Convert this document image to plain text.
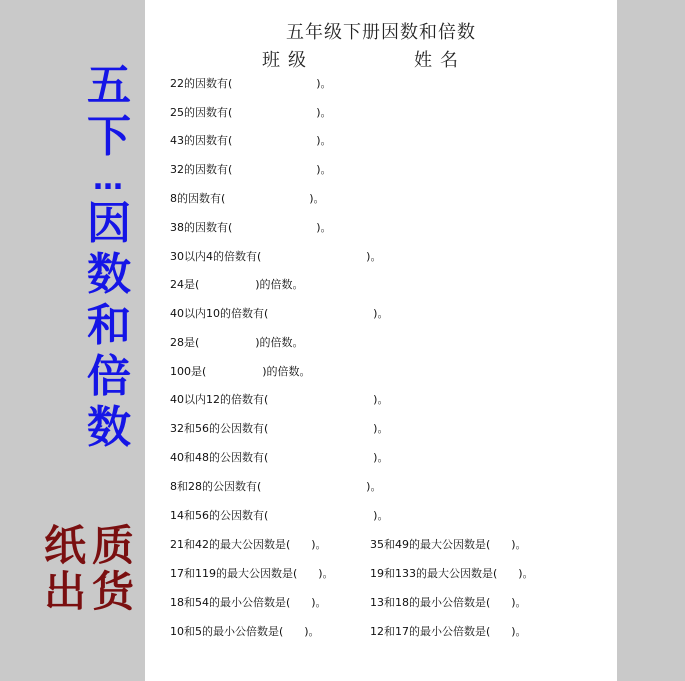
五
下
…
因
数
和
倍
数
纸 质
出 货
五年级下册因数和倍数
班级	姓名
22的因数有(                        )。
25的因数有(                        )。
43的因数有(                        )。
32的因数有(                        )。
8的因数有(                        )。
38的因数有(                        )。
30以内4的倍数有(                              )。
24是(                )的倍数。
40以内10的倍数有(                              )。
28是(                )的倍数。
100是(                )的倍数。
40以内12的倍数有(                              )。
32和56的公因数有(                              )。
40和48的公因数有(                              )。
8和28的公因数有(                              )。
14和56的公因数有(                              )。
21和42的最大公因数是(      )。	35和49的最大公因数是(      )。
17和119的最大公因数是(      )。	19和133的最大公因数是(      )。
18和54的最小公倍数是(      )。	13和18的最小公倍数是(      )。
10和5的最小公倍数是(      )。	12和17的最小公倍数是(      )。
